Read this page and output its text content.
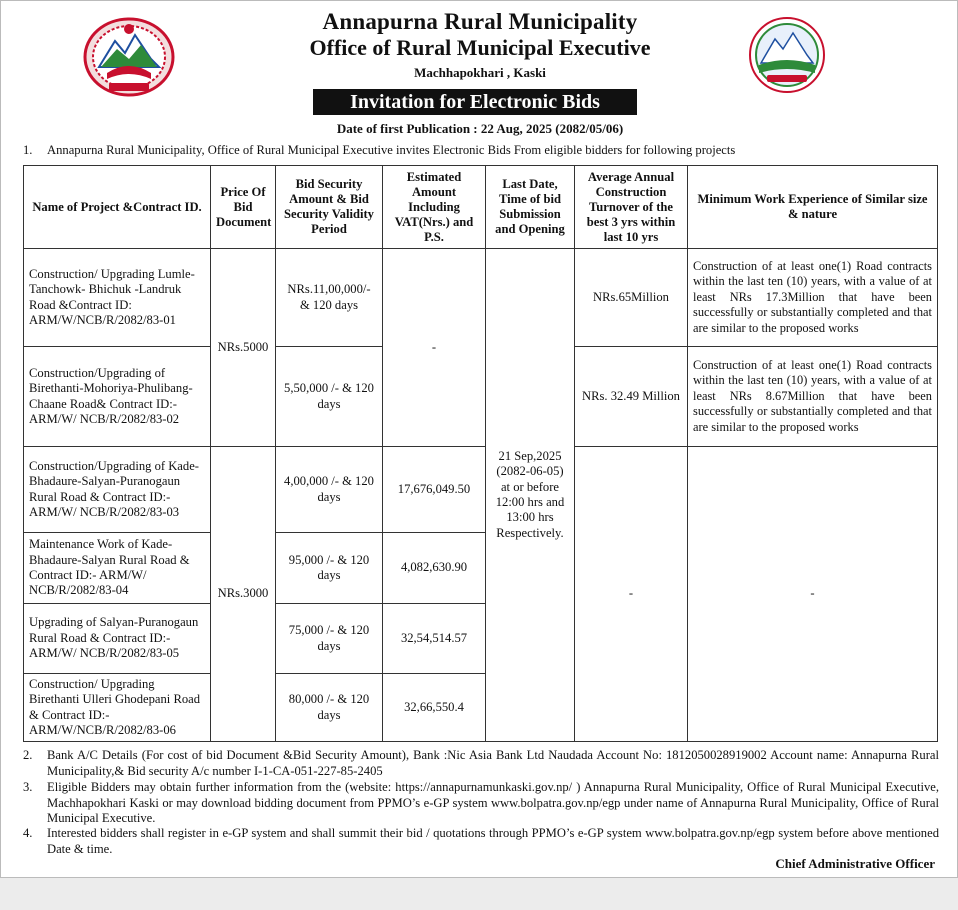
Annapurna Rural Municipality
Office of Rural Municipal Executive
Machhapokhari , Kaski
Invitation for Electronic Bids
Date of first Publication : 22 Aug, 2025 (2082/05/06)
1. Annapurna Rural Municipality, Office of Rural Municipal Executive invites Electronic Bids From eligible bidders for following projects
Name of Project &Contract ID.	Price Of Bid Document	Bid Security Amount & Bid Security Validity Period	Estimated Amount Including VAT(Nrs.) and P.S.	Last Date, Time of bid Submission and Opening	Average Annual Construction Turnover of the best 3 yrs within last 10 yrs	Minimum Work Experience of Similar size & nature
Construction/ Upgrading Lumle-Tanchowk- Bhichuk -Landruk Road &Contract ID: ARM/W/NCB/R/2082/83-01	NRs.5000	NRs.11,00,000/- & 120 days	-	21 Sep,2025 (2082-06-05) at or before 12:00 hrs and 13:00 hrs Respectively.	NRs.65Million	Construction of at least one(1) Road contracts within the last ten (10) years, with a value of at least NRs 17.3Million that have been successfully or substantially completed and that are similar to the proposed works
Construction/Upgrading of Birethanti-Mohoriya-Phulibang-Chaane Road& Contract ID:- ARM/W/ NCB/R/2082/83-02		5,50,000 /- & 120 days			NRs. 32.49 Million	Construction of at least one(1) Road contracts within the last ten (10) years, with a value of at least NRs 8.67Million that have been successfully or substantially completed and that are similar to the proposed works
Construction/Upgrading of Kade-Bhadaure-Salyan-Puranogaun Rural Road & Contract ID:- ARM/W/ NCB/R/2082/83-03	NRs.3000	4,00,000 /- & 120 days	17,676,049.50		-	-
Maintenance Work of Kade-Bhadaure-Salyan Rural Road & Contract ID:- ARM/W/ NCB/R/2082/83-04		95,000 /- & 120 days	4,082,630.90			
Upgrading of Salyan-Puranogaun Rural Road & Contract ID:- ARM/W/ NCB/R/2082/83-05		75,000 /- & 120 days	32,54,514.57			
Construction/ Upgrading Birethanti Ulleri Ghodepani Road & Contract ID:- ARM/W/NCB/R/2082/83-06		80,000 /- & 120 days	32,66,550.4			
2. Bank A/C Details (For cost of bid Document &Bid Security Amount), Bank :Nic Asia Bank Ltd Naudada Account No: 1812050028919002 Account name: Annapurna Rural Municipality,& Bid security A/c number I-1-CA-051-227-85-2405
3. Eligible Bidders may obtain further information from the (website: https://annapurnamunkaski.gov.np/ ) Annapurna Rural Municipality, Office of Rural Municipal Executive, Machhapokhari Kaski or may download bidding document from PPMO’s e-GP system www.bolpatra.gov.np/egp under name of Annapurna Rural Municipality, Office of Rural Municipal Executive.
4. Interested bidders shall register in e-GP system and shall summit their bid / quotations through PPMO’s e-GP system www.bolpatra.gov.np/egp system before above mentioned Date & time.
Chief Administrative Officer
